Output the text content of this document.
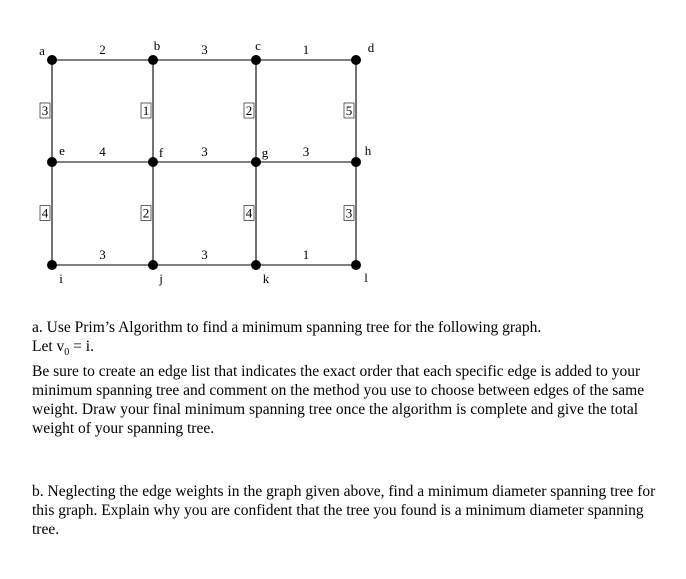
2	3	1
4	3	3
3	3	1
3	1	2	5
4	2	4	3
a	b	c	d
e	f	g	h
i	j	k	l

a. Use Prim’s Algorithm to find a minimum spanning tree for the following graph.
Let $v_0 = i$.
Be sure to create an edge list that indicates the exact order that each specific edge is added to your minimum spanning tree and comment on the method you use to choose between edges of the same weight. Draw your final minimum spanning tree once the algorithm is complete and give the total weight of your spanning tree.

b. Neglecting the edge weights in the graph given above, find a minimum diameter spanning tree for this graph. Explain why you are confident that the tree you found is a minimum diameter spanning tree.
